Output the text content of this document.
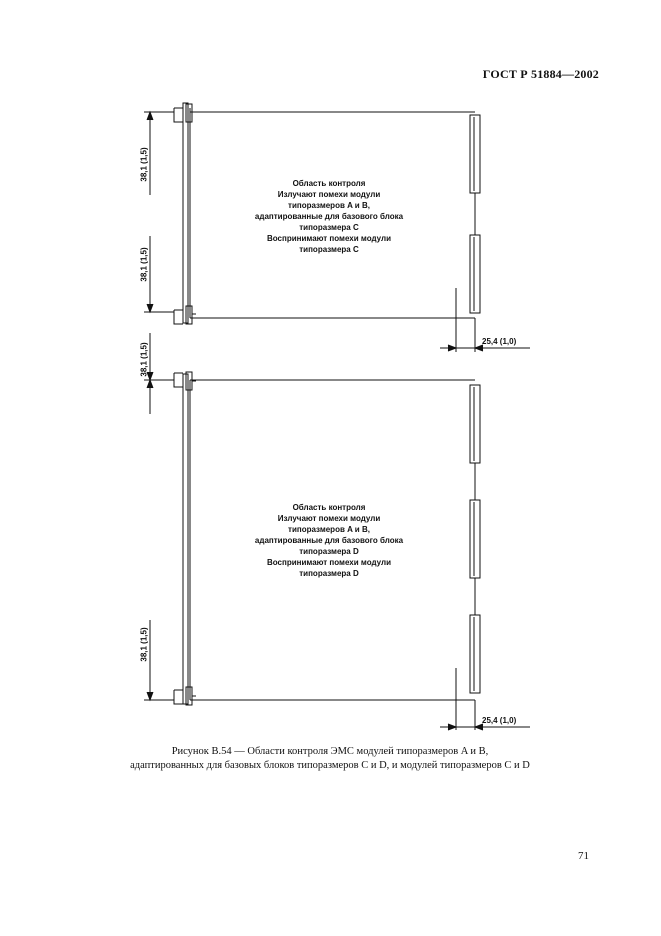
ГОСТ Р 51884—2002
Область контроля
Излучают помехи модули
типоразмеров A и B,
адаптированные для базового блока
типоразмера C
Воспринимают помехи модули
типоразмера C
38,1 (1,5)
38,1 (1,5)
25,4 (1,0)
Область контроля
Излучают помехи модули
типоразмеров A и B,
адаптированные для базового блока
типоразмера D
Воспринимают помехи модули
типоразмера D
38,1 (1,5)
38,1 (1,5)
25,4 (1,0)
Рисунок В.54 — Области контроля ЭМС модулей типоразмеров A и B,
адаптированных для базовых блоков типоразмеров C и D, и модулей типоразмеров C и D
71
